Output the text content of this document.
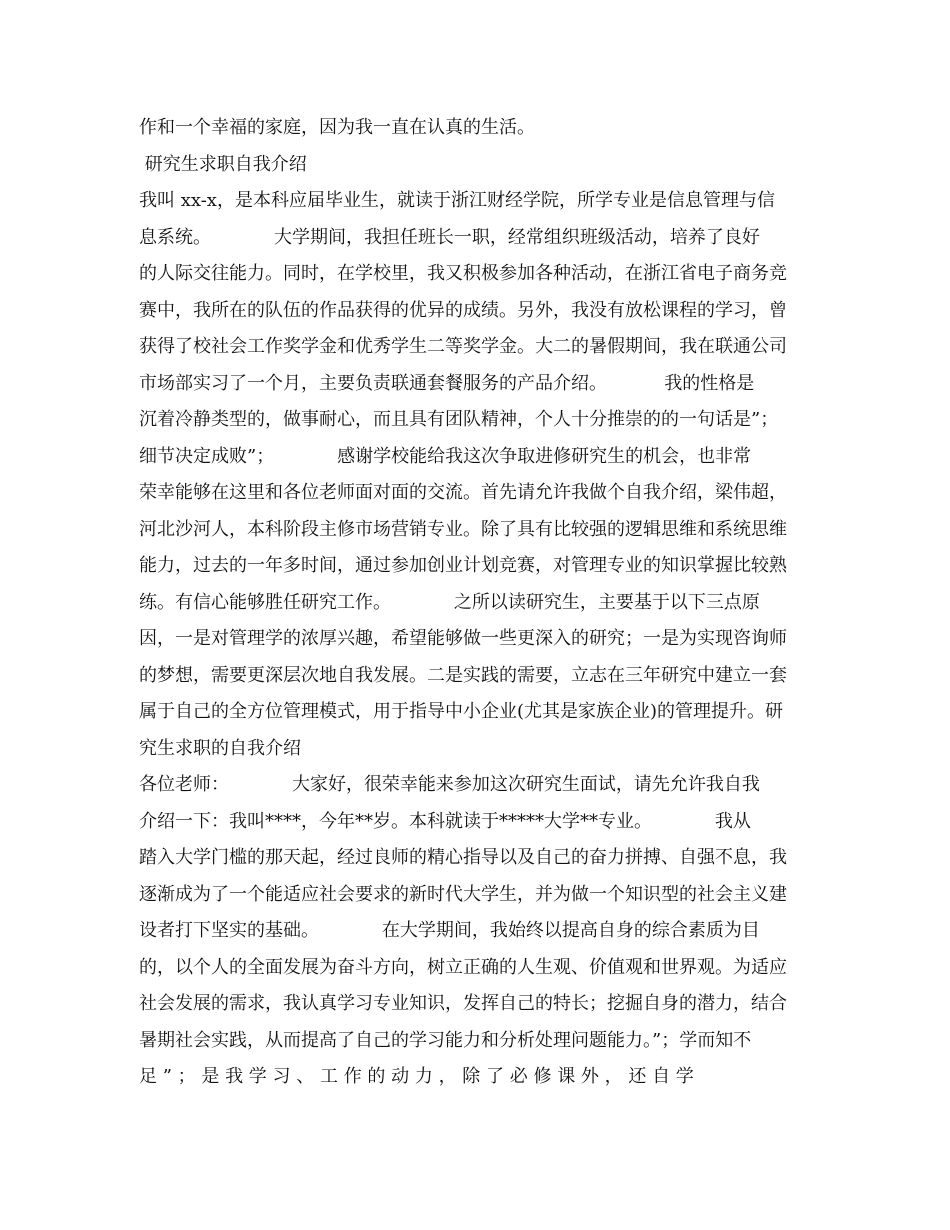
作和一个幸福的家庭，因为我一直在认真的生活。
研究生求职自我介绍
我叫 xx-x，是本科应届毕业生，就读于浙江财经学院，所学专业是信息管理与信
息系统。           大学期间，我担任班长一职，经常组织班级活动，培养了良好
的人际交往能力。同时，在学校里，我又积极参加各种活动，在浙江省电子商务竞
赛中，我所在的队伍的作品获得的优异的成绩。另外，我没有放松课程的学习，曾
获得了校社会工作奖学金和优秀学生二等奖学金。大二的暑假期间，我在联通公司
市场部实习了一个月，主要负责联通套餐服务的产品介绍。          我的性格是
沉着冷静类型的，做事耐心，而且具有团队精神，个人十分推崇的的一句话是”；
细节决定成败”；           感谢学校能给我这次争取进修研究生的机会，也非常
荣幸能够在这里和各位老师面对面的交流。首先请允许我做个自我介绍，梁伟超，
河北沙河人，本科阶段主修市场营销专业。除了具有比较强的逻辑思维和系统思维
能力，过去的一年多时间，通过参加创业计划竞赛，对管理专业的知识掌握比较熟
练。有信心能够胜任研究工作。           之所以读研究生，主要基于以下三点原
因，一是对管理学的浓厚兴趣，希望能够做一些更深入的研究；一是为实现咨询师
的梦想，需要更深层次地自我发展。二是实践的需要，立志在三年研究中建立一套
属于自己的全方位管理模式，用于指导中小企业(尤其是家族企业)的管理提升。研
究生求职的自我介绍
各位老师：           大家好，很荣幸能来参加这次研究生面试，请先允许我自我
介绍一下：我叫****，今年**岁。本科就读于*****大学**专业。           我从
踏入大学门槛的那天起，经过良师的精心指导以及自己的奋力拼搏、自强不息，我
逐渐成为了一个能适应社会要求的新时代大学生，并为做一个知识型的社会主义建
设者打下坚实的基础。           在大学期间，我始终以提高自身的综合素质为目
的，以个人的全面发展为奋斗方向，树立正确的人生观、价值观和世界观。为适应
社会发展的需求，我认真学习专业知识，发挥自己的特长；挖掘自身的潜力，结合
暑期社会实践，从而提高了自己的学习能力和分析处理问题能力。”；学而知不
足 ” ； 是 我 学 习 、 工 作 的 动 力 ， 除 了 必 修 课 外 ， 还 自 学
